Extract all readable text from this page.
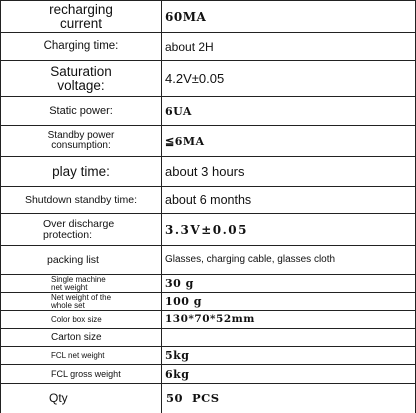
recharging
current	60MA
Charging time:	about 2H

Saturation
voltage:	4.2V±0.05
Static power:	6UA

Standby power
consumption:	≦6MA
play time:	about 3 hours
Shutdown standby time:	about 6 months

Over discharge
protection:	3.3V±0.05
packing list	Glasses, charging cable, glasses cloth

Single machine
net weight	30 g

Net weight of the
whole set	100 g
Color box size	130*70*52mm
Carton size	
FCL net weight	5kg
FCL gross weight	6kg
Qty	50  PCS
